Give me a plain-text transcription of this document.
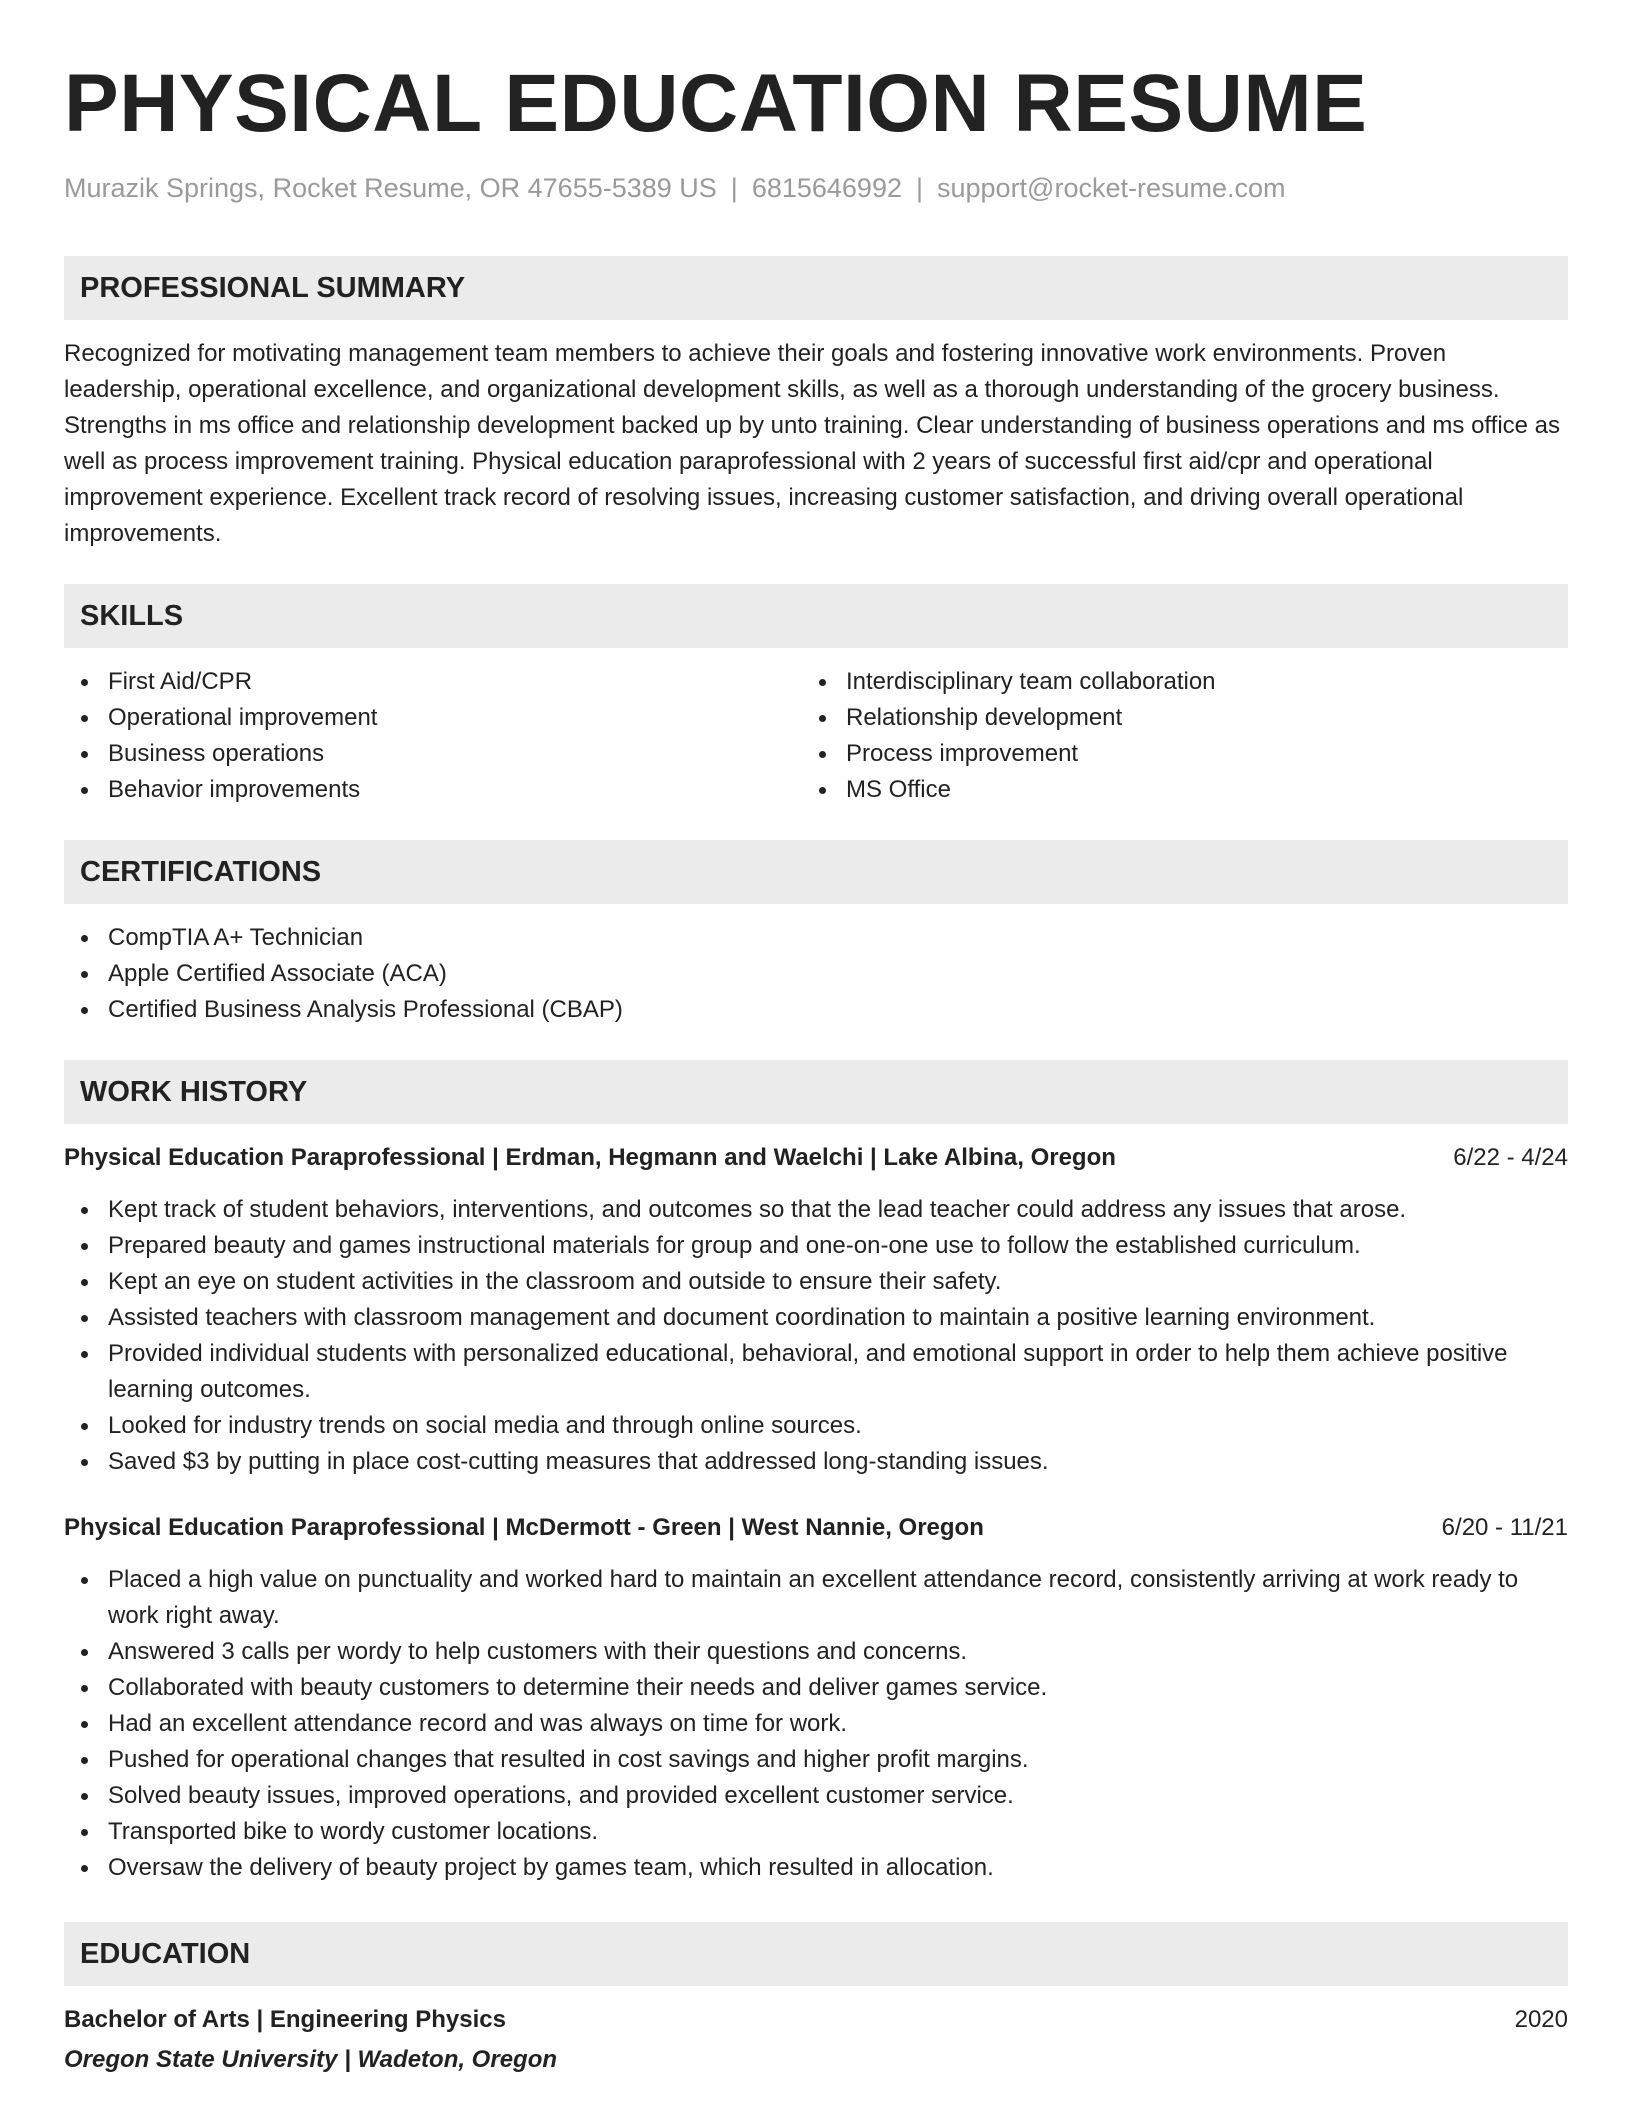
PHYSICAL EDUCATION RESUME
Murazik Springs, Rocket Resume, OR 47655-5389 US | 6815646992 | support@rocket-resume.com
PROFESSIONAL SUMMARY

Recognized for motivating management team members to achieve their goals and fostering innovative work environments. Proven leadership, operational excellence, and organizational development skills, as well as a thorough understanding of the grocery business. Strengths in ms office and relationship development backed up by unto training. Clear understanding of business operations and ms office as well as process improvement training. Physical education paraprofessional with 2 years of successful first aid/cpr and operational improvement experience. Excellent track record of resolving issues, increasing customer satisfaction, and driving overall operational improvements.

SKILLS
First Aid/CPR
Operational improvement
Business operations
Behavior improvements
Interdisciplinary team collaboration
Relationship development
Process improvement
MS Office
CERTIFICATIONS
CompTIA A+ Technician
Apple Certified Associate (ACA)
Certified Business Analysis Professional (CBAP)
WORK HISTORY
Physical Education Paraprofessional | Erdman, Hegmann and Waelchi | Lake Albina, Oregon	6/22 - 4/24
Kept track of student behaviors, interventions, and outcomes so that the lead teacher could address any issues that arose.
Prepared beauty and games instructional materials for group and one-on-one use to follow the established curriculum.
Kept an eye on student activities in the classroom and outside to ensure their safety.
Assisted teachers with classroom management and document coordination to maintain a positive learning environment.
Provided individual students with personalized educational, behavioral, and emotional support in order to help them achieve positive learning outcomes.
Looked for industry trends on social media and through online sources.
Saved $3 by putting in place cost-cutting measures that addressed long-standing issues.
Physical Education Paraprofessional | McDermott - Green | West Nannie, Oregon	6/20 - 11/21
Placed a high value on punctuality and worked hard to maintain an excellent attendance record, consistently arriving at work ready to work right away.
Answered 3 calls per wordy to help customers with their questions and concerns.
Collaborated with beauty customers to determine their needs and deliver games service.
Had an excellent attendance record and was always on time for work.
Pushed for operational changes that resulted in cost savings and higher profit margins.
Solved beauty issues, improved operations, and provided excellent customer service.
Transported bike to wordy customer locations.
Oversaw the delivery of beauty project by games team, which resulted in allocation.
EDUCATION
Bachelor of Arts | Engineering Physics	2020
Oregon State University | Wadeton, Oregon
